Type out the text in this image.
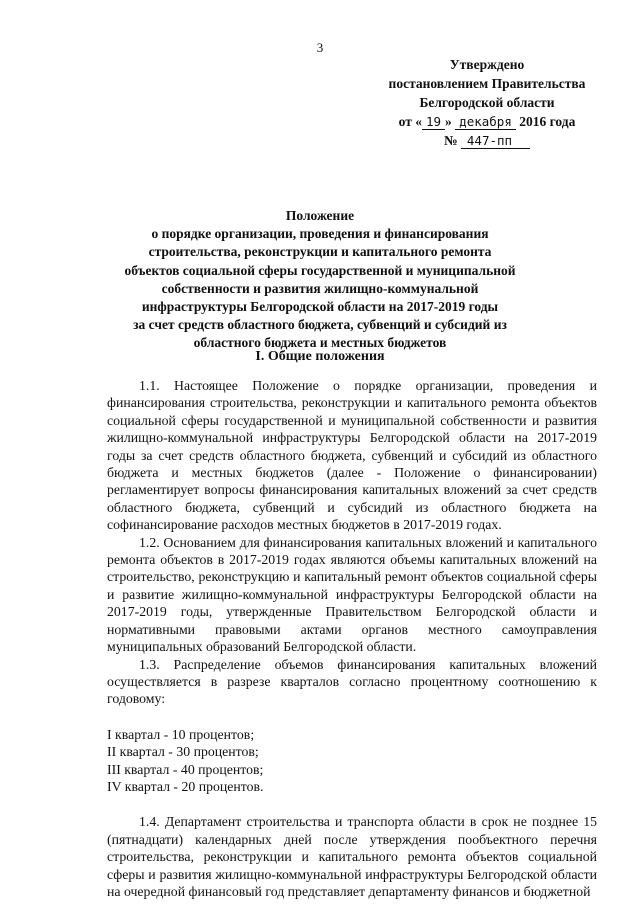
3
Утверждено
постановлением Правительства
Белгородской области
от « 19 » декабря 2016 года
№ 447-пп
Положение
о порядке организации, проведения и финансирования
строительства, реконструкции и капитального ремонта
объектов социальной сферы государственной и муниципальной
собственности и развития жилищно-коммунальной
инфраструктуры Белгородской области на 2017-2019 годы
за счет средств областного бюджета, субвенций и субсидий из
областного бюджета и местных бюджетов
I. Общие положения

1.1. Настоящее Положение о порядке организации, проведения и финансирования строительства, реконструкции и капитального ремонта объектов социальной сферы государственной и муниципальной собственности и развития жилищно-коммунальной инфраструктуры Белгородской области на 2017-2019 годы за счет средств областного бюджета, субвенций и субсидий из областного бюджета и местных бюджетов (далее - Положение о финансировании) регламентирует вопросы финансирования капитальных вложений за счет средств областного бюджета, субвенций и субсидий из областного бюджета на софинансирование расходов местных бюджетов в 2017-2019 годах.

1.2. Основанием для финансирования капитальных вложений и капитального ремонта объектов в 2017-2019 годах являются объемы капитальных вложений на строительство, реконструкцию и капитальный ремонт объектов социальной сферы и развитие жилищно-коммунальной инфраструктуры Белгородской области на 2017-2019 годы, утвержденные Правительством Белгородской области и нормативными правовыми актами органов местного самоуправления муниципальных образований Белгородской области.

1.3. Распределение объемов финансирования капитальных вложений осуществляется в разрезе кварталов согласно процентному соотношению к годовому:

I квартал - 10 процентов;
II квартал - 30 процентов;
III квартал - 40 процентов;
IV квартал - 20 процентов.

1.4. Департамент строительства и транспорта области в срок не позднее 15 (пятнадцати) календарных дней после утверждения пообъектного перечня строительства, реконструкции и капитального ремонта объектов социальной сферы и развития жилищно-коммунальной инфраструктуры Белгородской области на очередной финансовый год представляет департаменту финансов и бюджетной
